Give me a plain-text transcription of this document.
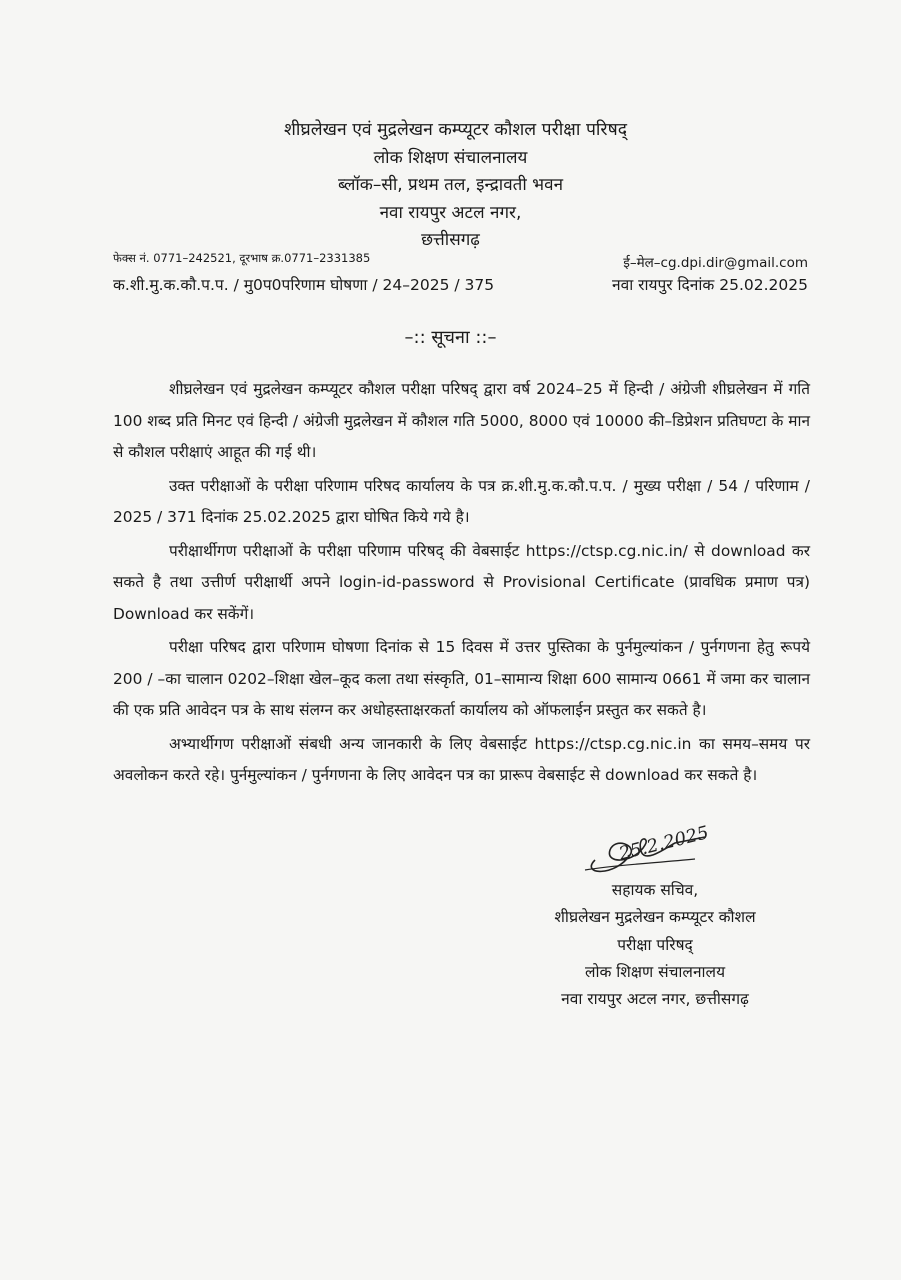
शीघ्रलेखन एवं मुद्रलेखन कम्प्यूटर कौशल परीक्षा परिषद्
लोक शिक्षण संचालनालय
ब्लॉक–सी, प्रथम तल, इन्द्रावती भवन
नवा रायपुर अटल नगर,
छत्तीसगढ़
फेक्स नं. 0771–242521, दूरभाष क्र.0771–2331385	ई–मेल–cg.dpi.dir@gmail.com
क.शी.मु.क.कौ.प.प. / मु0प0परिणाम घोषणा / 24–2025 / 375	नवा रायपुर दिनांक 25.02.2025
–:: सूचना ::–

शीघ्रलेखन एवं मुद्रलेखन कम्प्यूटर कौशल परीक्षा परिषद् द्वारा वर्ष 2024–25 में हिन्दी / अंग्रेजी शीघ्रलेखन में गति 100 शब्द प्रति मिनट एवं हिन्दी / अंग्रेजी मुद्रलेखन में कौशल गति 5000, 8000 एवं 10000 की–डिप्रेशन प्रतिघण्टा के मान से कौशल परीक्षाएं आहूत की गई थी।

उक्त परीक्षाओं के परीक्षा परिणाम परिषद कार्यालय के पत्र क्र.शी.मु.क.कौ.प.प. / मुख्य परीक्षा / 54 / परिणाम / 2025 / 371 दिनांक 25.02.2025 द्वारा घोषित किये गये है।

परीक्षार्थीगण परीक्षाओं के परीक्षा परिणाम परिषद् की वेबसाईट https://ctsp.cg.nic.in/ से download कर सकते है तथा उत्तीर्ण परीक्षार्थी अपने login-id-password से Provisional Certificate (प्रावधिक प्रमाण पत्र) Download कर सकेंगें।

परीक्षा परिषद द्वारा परिणाम घोषणा दिनांक से 15 दिवस में उत्तर पुस्तिका के पुर्नमुल्यांकन / पुर्नगणना हेतु रूपये 200 / –का चालान 0202–शिक्षा खेल–कूद कला तथा संस्कृति, 01–सामान्य शिक्षा 600 सामान्य 0661 में जमा कर चालान की एक प्रति आवेदन पत्र के साथ संलग्न कर अधोहस्ताक्षरकर्ता कार्यालय को ऑफलाईन प्रस्तुत कर सकते है।

अभ्यार्थीगण परीक्षाओं संबधी अन्य जानकारी के लिए वेबसाईट https://ctsp.cg.nic.in का समय–समय पर अवलोकन करते रहे। पुर्नमुल्यांकन / पुर्नगणना के लिए आवेदन पत्र का प्रारूप वेबसाईट से download कर सकते है।

25.2.2025
सहायक सचिव,
शीघ्रलेखन मुद्रलेखन कम्प्यूटर कौशल
परीक्षा परिषद्
लोक शिक्षण संचालनालय
नवा रायपुर अटल नगर, छत्तीसगढ़
